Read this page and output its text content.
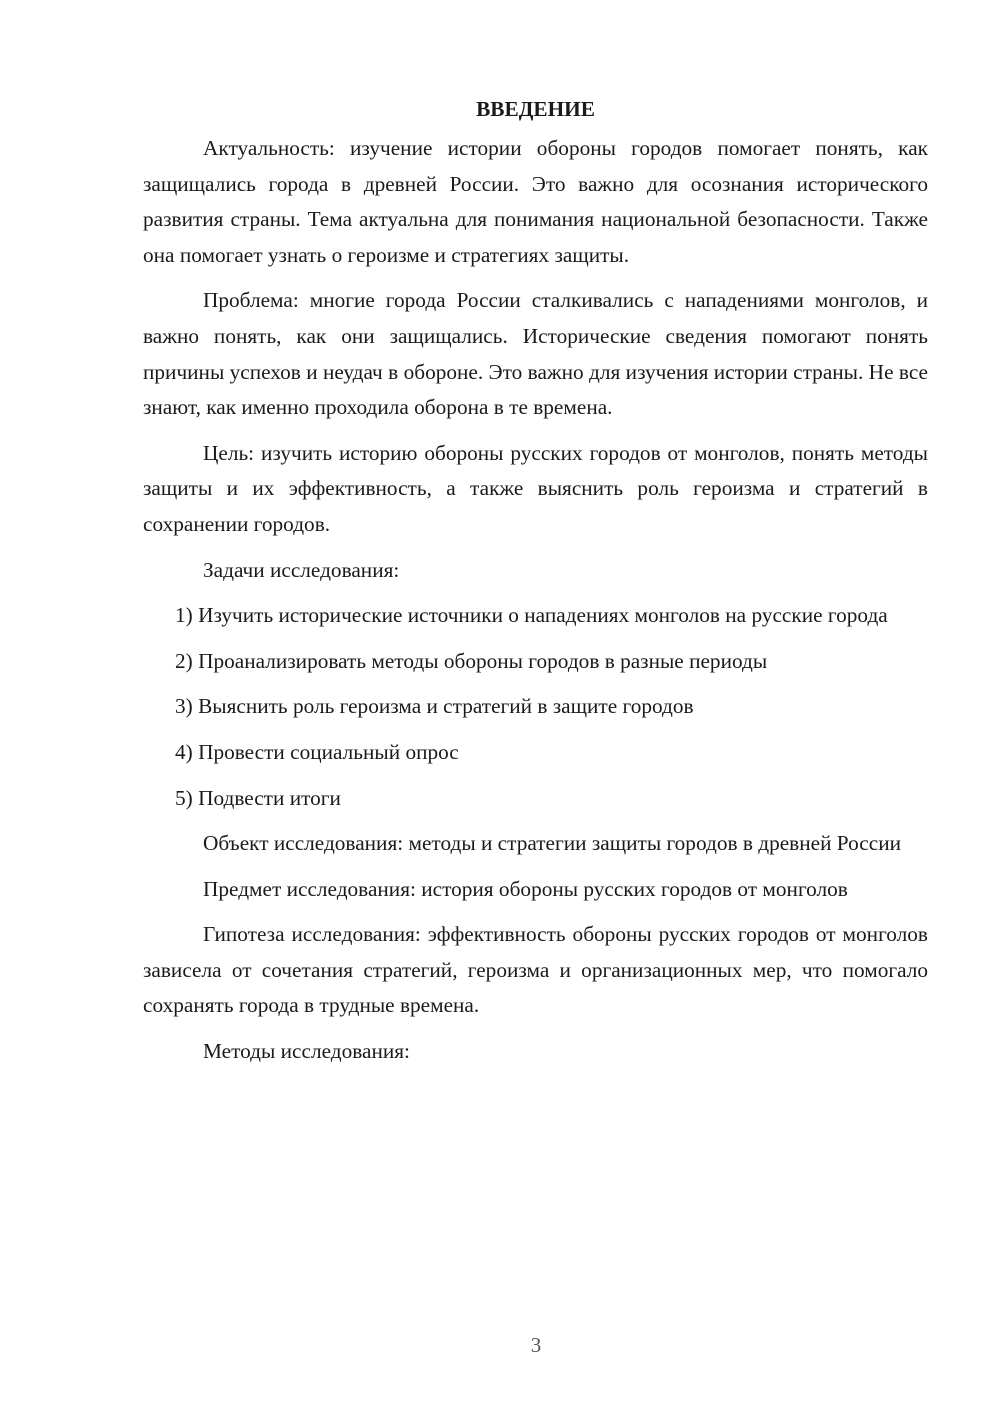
ВВЕДЕНИЕ

Актуальность: изучение истории обороны городов помогает понять, как защищались города в древней России. Это важно для осознания исторического развития страны. Тема актуальна для понимания национальной безопасности. Также она помогает узнать о героизме и стратегиях защиты.

Проблема: многие города России сталкивались с нападениями монголов, и важно понять, как они защищались. Исторические сведения помогают понять причины успехов и неудач в обороне. Это важно для изучения истории страны. Не все знают, как именно проходила оборона в те времена.

Цель: изучить историю обороны русских городов от монголов, понять методы защиты и их эффективность, а также выяснить роль героизма и стратегий в сохранении городов.

Задачи исследования:

1) Изучить исторические источники о нападениях монголов на русские города

2) Проанализировать методы обороны городов в разные периоды

3) Выяснить роль героизма и стратегий в защите городов

4) Провести социальный опрос

5) Подвести итоги

Объект исследования: методы и стратегии защиты городов в древней России

Предмет исследования: история обороны русских городов от монголов

Гипотеза исследования: эффективность обороны русских городов от монголов зависела от сочетания стратегий, героизма и организационных мер, что помогало сохранять города в трудные времена.

Методы исследования:

3
